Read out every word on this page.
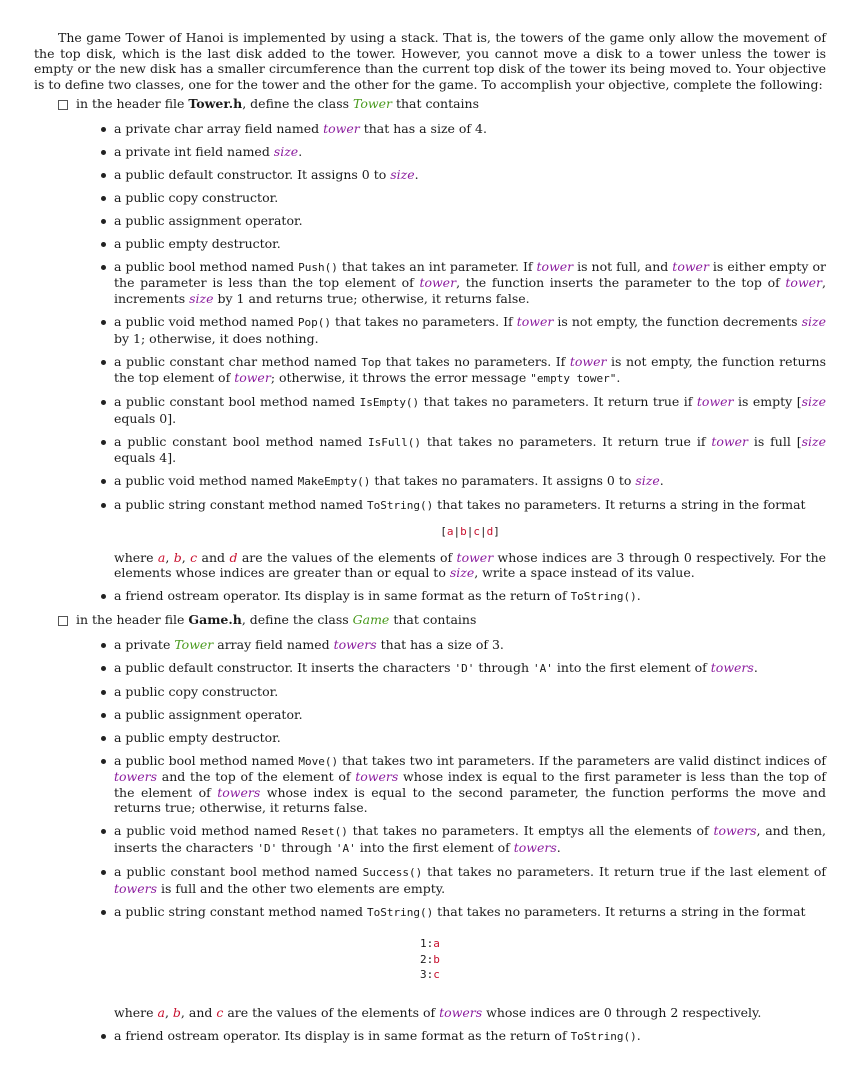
The game Tower of Hanoi is implemented by using a stack. That is, the towers of the game only allow the movement of the top disk, which is the last disk added to the tower. However, you cannot move a disk to a tower unless the tower is empty or the new disk has a smaller circumference than the current top disk of the tower its being moved to. Your objective is to define two classes, one for the tower and the other for the game. To accomplish your objective, complete the following:

in the header file Tower.h, define the class Tower that contains
a private char array field named tower that has a size of 4.
a private int field named size.
a public default constructor. It assigns 0 to size.
a public copy constructor.
a public assignment operator.
a public empty destructor.
a public bool method named Push() that takes an int parameter. If tower is not full, and tower is either empty or the parameter is less than the top element of tower, the function inserts the parameter to the top of tower, increments size by 1 and returns true; otherwise, it returns false.
a public void method named Pop() that takes no parameters. If tower is not empty, the function decrements size by 1; otherwise, it does nothing.
a public constant char method named Top that takes no parameters. If tower is not empty, the function returns the top element of tower; otherwise, it throws the error message "empty tower".
a public constant bool method named IsEmpty() that takes no parameters. It return true if tower is empty [size equals 0].
a public constant bool method named IsFull() that takes no parameters. It return true if tower is full [size equals 4].
a public void method named MakeEmpty() that takes no paramaters. It assigns 0 to size.
a public string constant method named ToString() that takes no parameters. It returns a string in the format
[a|b|c|d]
where a, b, c and d are the values of the elements of tower whose indices are 3 through 0 respectively. For the elements whose indices are greater than or equal to size, write a space instead of its value.
a friend ostream operator. Its display is in same format as the return of ToString().
in the header file Game.h, define the class Game that contains
a private Tower array field named towers that has a size of 3.
a public default constructor. It inserts the characters 'D' through 'A' into the first element of towers.
a public copy constructor.
a public assignment operator.
a public empty destructor.
a public bool method named Move() that takes two int parameters. If the parameters are valid distinct indices of towers and the top of the element of towers whose index is equal to the first parameter is less than the top of the element of towers whose index is equal to the second parameter, the function performs the move and returns true; otherwise, it returns false.
a public void method named Reset() that takes no parameters. It emptys all the elements of towers, and then, inserts the characters 'D' through 'A' into the first element of towers.
a public constant bool method named Success() that takes no parameters. It return true if the last element of towers is full and the other two elements are empty.
a public string constant method named ToString() that takes no parameters. It returns a string in the format
1:a
2:b
3:c
where a, b, and c are the values of the elements of towers whose indices are 0 through 2 respectively.
a friend ostream operator. Its display is in same format as the return of ToString().
